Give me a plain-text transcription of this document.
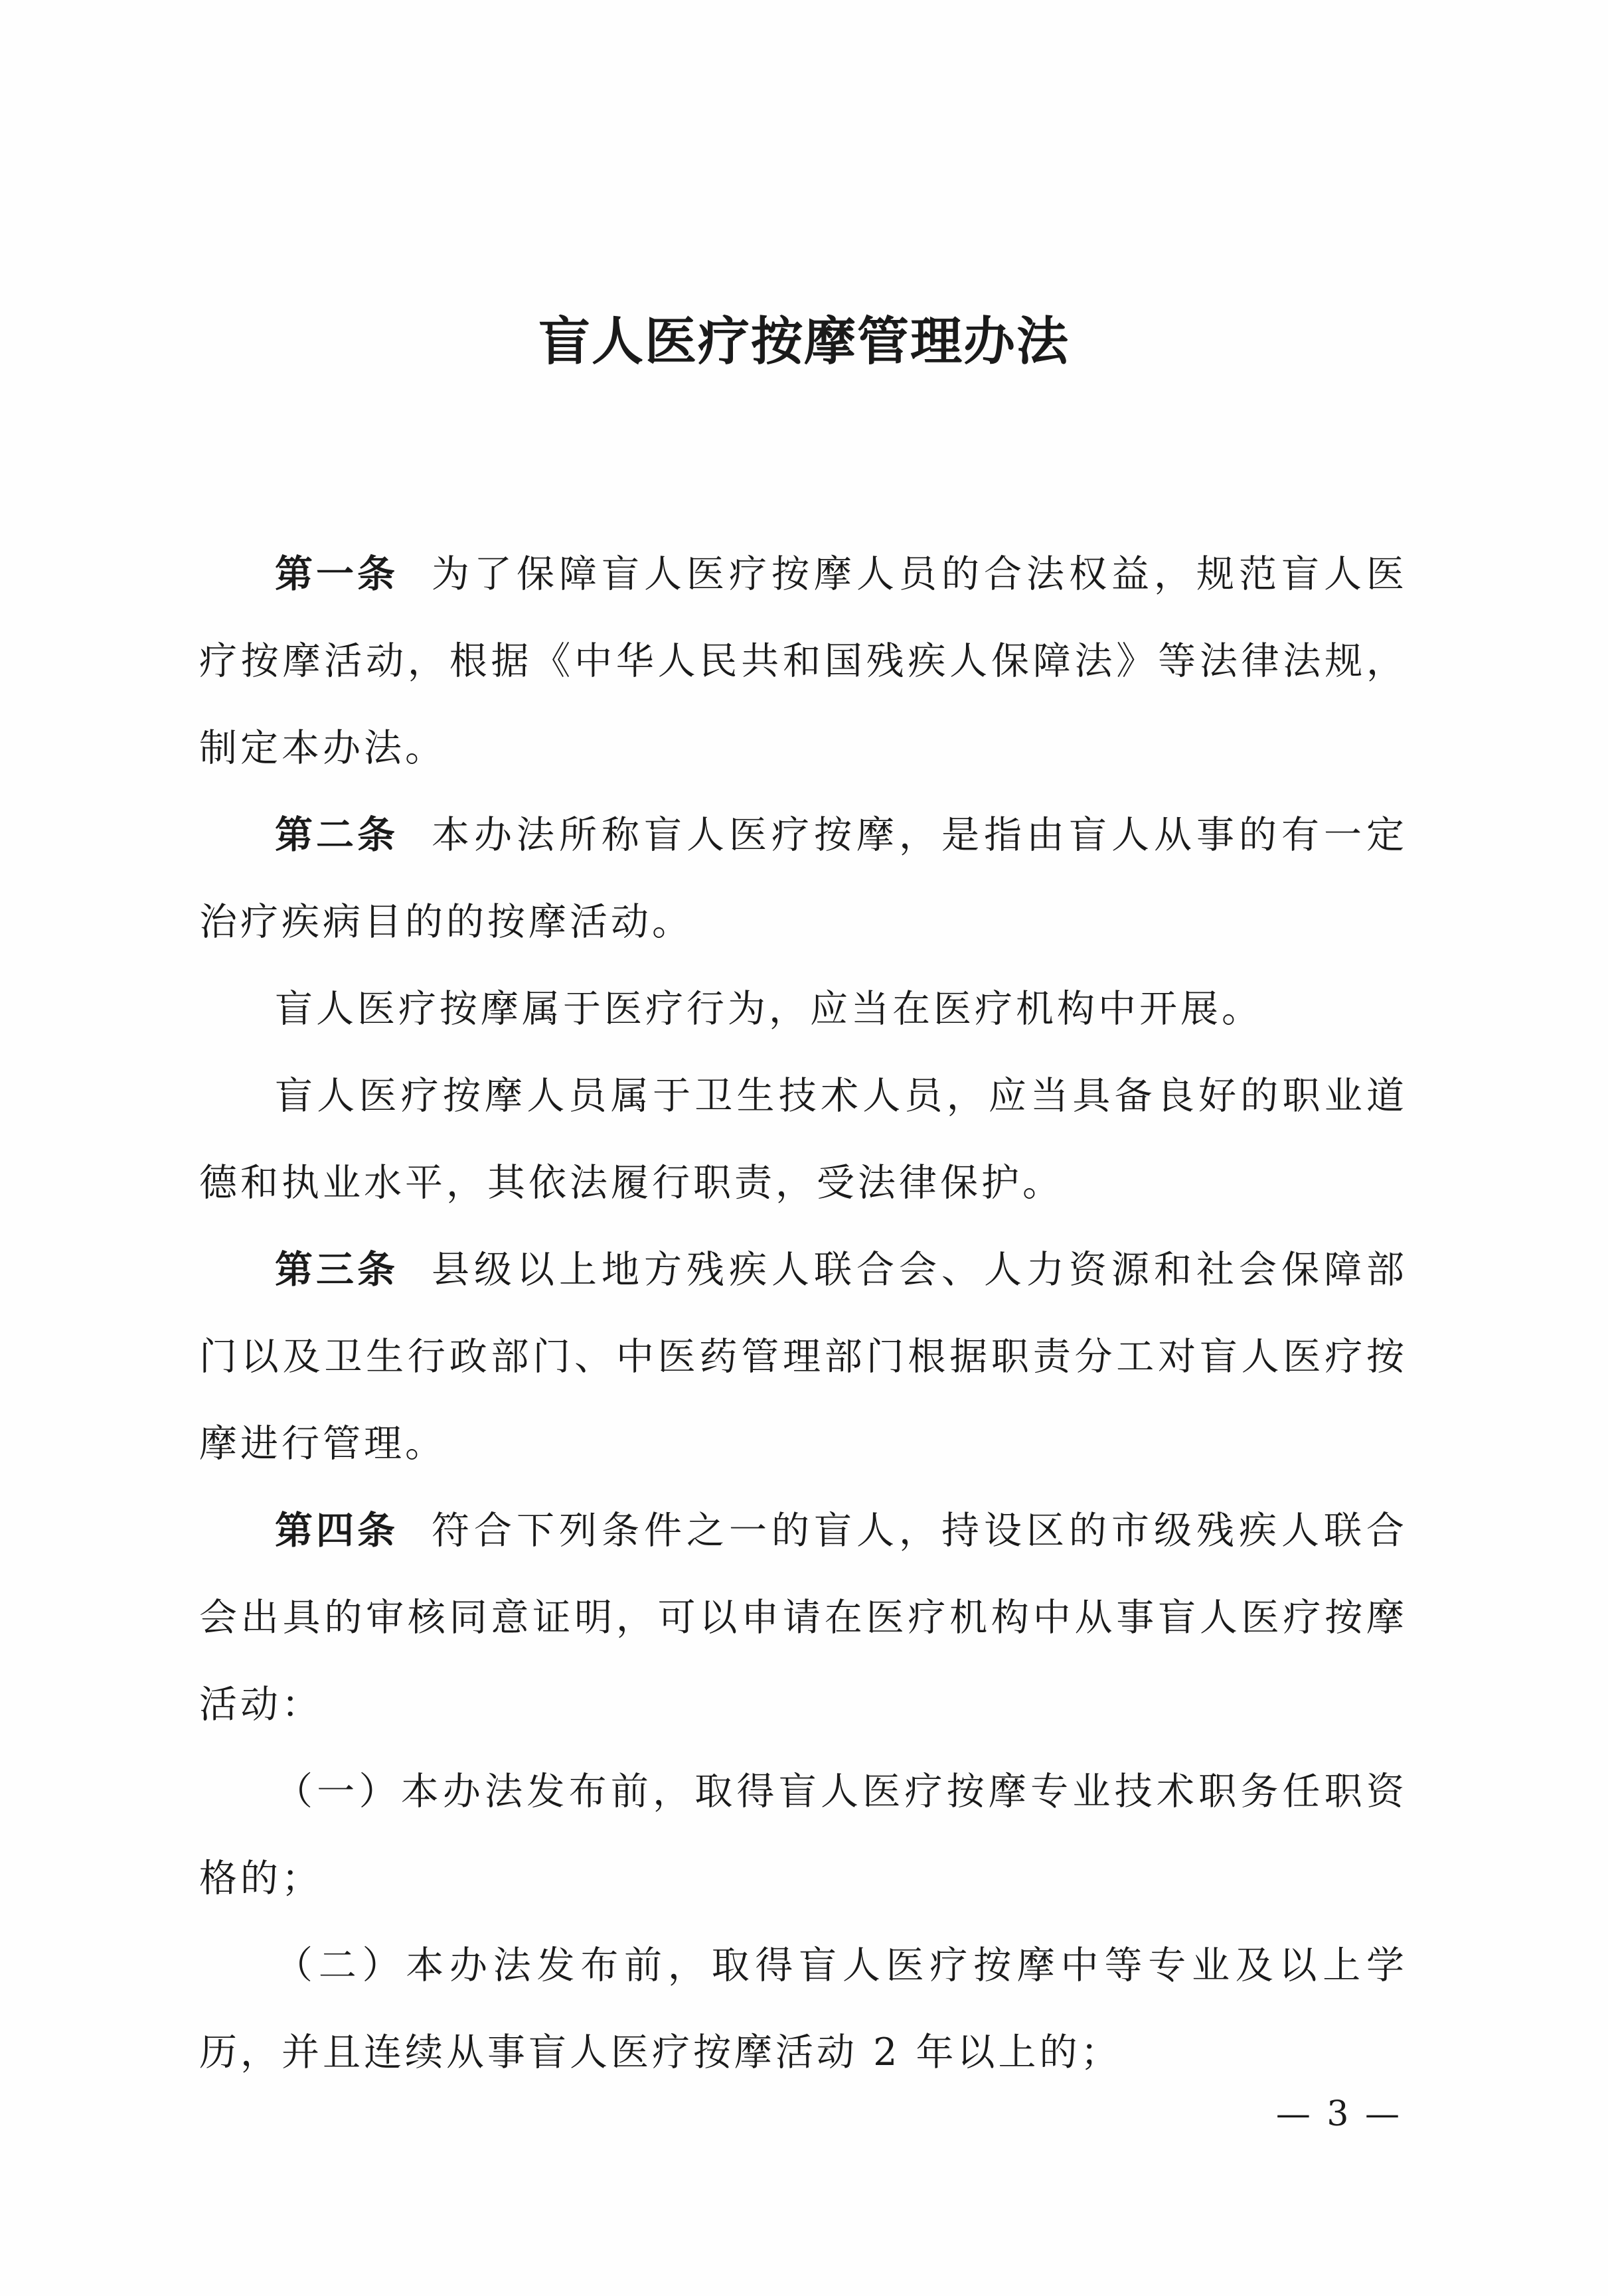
盲人医疗按摩管理办法

第一条 为了保障盲人医疗按摩人员的合法权益，规范盲人医疗按摩活动，根据《中华人民共和国残疾人保障法》等法律法规，制定本办法。

第二条 本办法所称盲人医疗按摩，是指由盲人从事的有一定治疗疾病目的的按摩活动。

盲人医疗按摩属于医疗行为，应当在医疗机构中开展。

盲人医疗按摩人员属于卫生技术人员，应当具备良好的职业道德和执业水平，其依法履行职责，受法律保护。

第三条 县级以上地方残疾人联合会、人力资源和社会保障部门以及卫生行政部门、中医药管理部门根据职责分工对盲人医疗按摩进行管理。

第四条 符合下列条件之一的盲人，持设区的市级残疾人联合会出具的审核同意证明，可以申请在医疗机构中从事盲人医疗按摩活动：

（一）本办法发布前，取得盲人医疗按摩专业技术职务任职资格的；

（二）本办法发布前，取得盲人医疗按摩中等专业及以上学历，并且连续从事盲人医疗按摩活动 2 年以上的；

— 3 —
